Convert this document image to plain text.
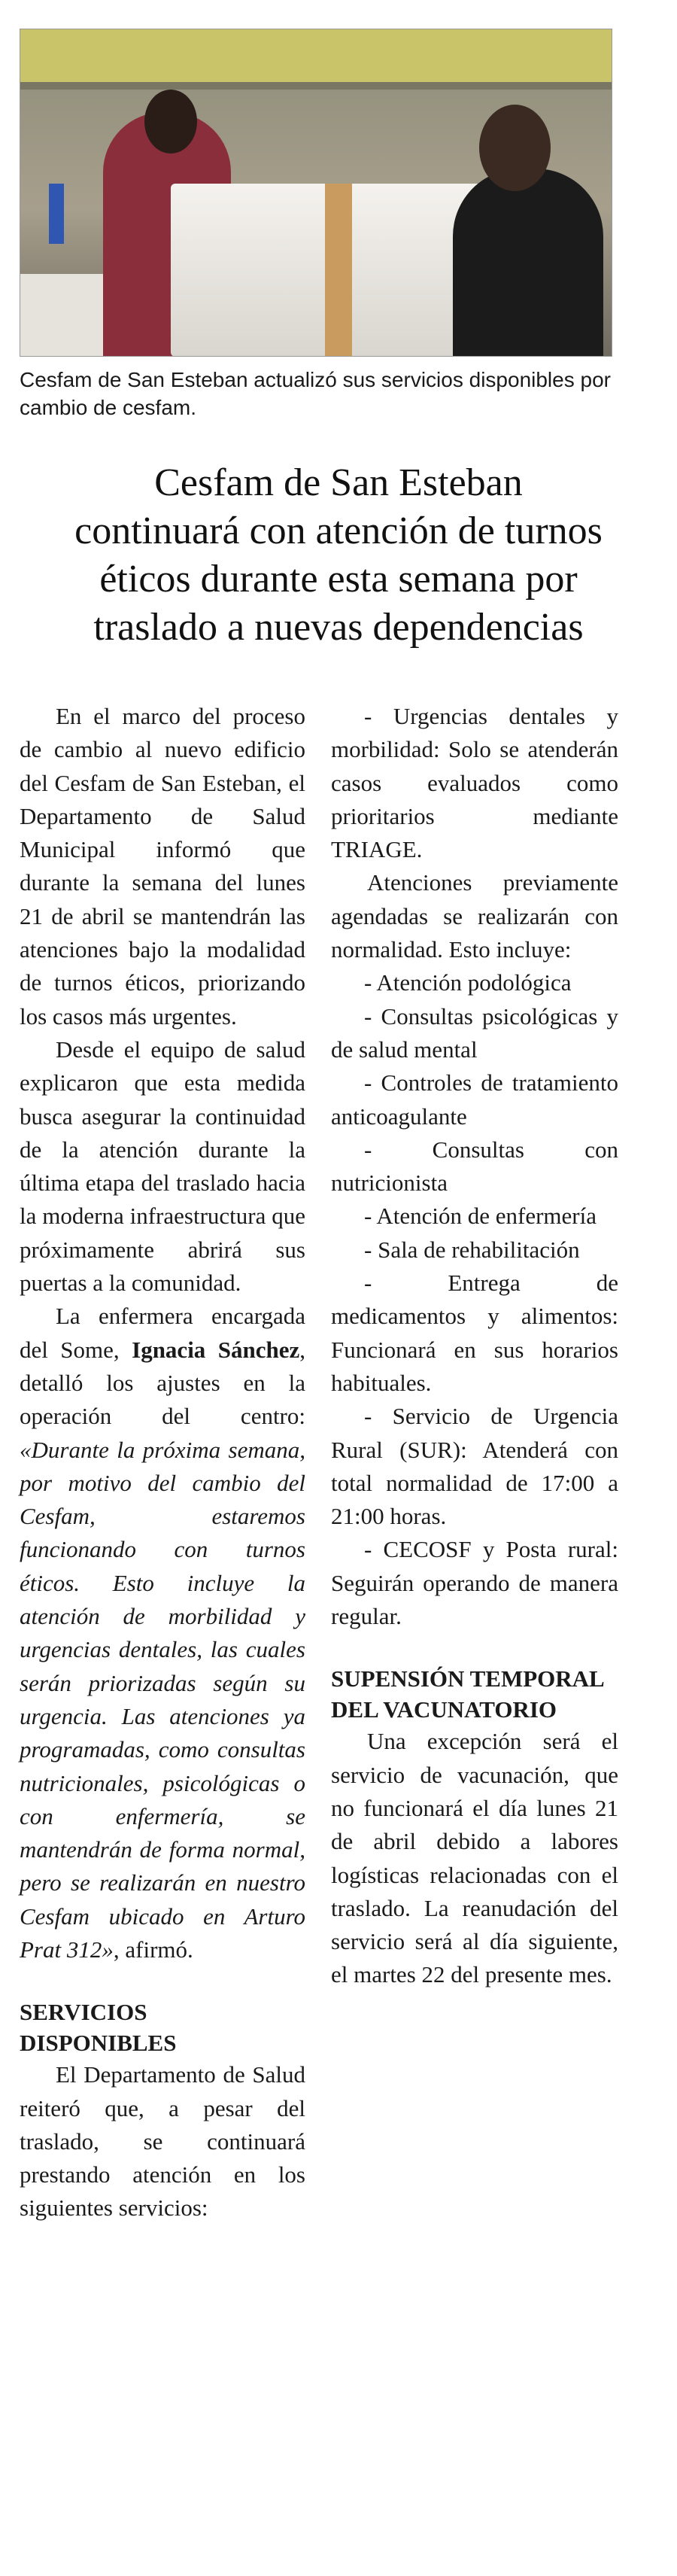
Cesfam de San Esteban actualizó sus servicios disponibles por cambio de cesfam.
Cesfam de San Esteban
continuará con atención de turnos
éticos durante esta semana por
traslado a nuevas dependencias

En el marco del proceso de cambio al nuevo edificio del Cesfam de San Esteban, el Departamento de Salud Municipal informó que durante la semana del lunes 21 de abril se mantendrán las atenciones bajo la modalidad de turnos éticos, priorizando los casos más urgentes.

Desde el equipo de salud explicaron que esta medida busca asegurar la continuidad de la atención durante la última etapa del traslado hacia la moderna infraestructura que próximamente abrirá sus puertas a la comunidad.

La enfermera encargada del Some, Ignacia Sánchez, detalló los ajustes en la operación del centro: «Durante la próxima semana, por motivo del cambio del Cesfam, estaremos funcionando con turnos éticos. Esto incluye la atención de morbilidad y urgencias dentales, las cuales serán priorizadas según su urgencia. Las atenciones ya programadas, como consultas nutricionales, psicológicas o con enfermería, se mantendrán de forma normal, pero se realizarán en nuestro Cesfam ubicado en Arturo Prat 312», afirmó.

SERVICIOS DISPONIBLES

El Departamento de Salud reiteró que, a pesar del traslado, se continuará prestando atención en los siguientes servicios:

- Urgencias dentales y morbilidad: Solo se atenderán casos evaluados como prioritarios mediante TRIAGE.

Atenciones previamente agendadas se realizarán con normalidad. Esto incluye:

- Atención podológica

- Consultas psicológicas y de salud mental

- Controles de tratamiento anticoagulante

- Consultas con nutricionista

- Atención de enfermería

- Sala de rehabilitación

- Entrega de medicamentos y alimentos: Funcionará en sus horarios habituales.

- Servicio de Urgencia Rural (SUR): Atenderá con total normalidad de 17:00 a 21:00 horas.

- CECOSF y Posta rural: Seguirán operando de manera regular.

SUPENSIÓN TEMPORAL DEL VACUNATORIO

Una excepción será el servicio de vacunación, que no funcionará el día lunes 21 de abril debido a labores logísticas relacionadas con el traslado. La reanudación del servicio será al día siguiente, el martes 22 del presente mes.
